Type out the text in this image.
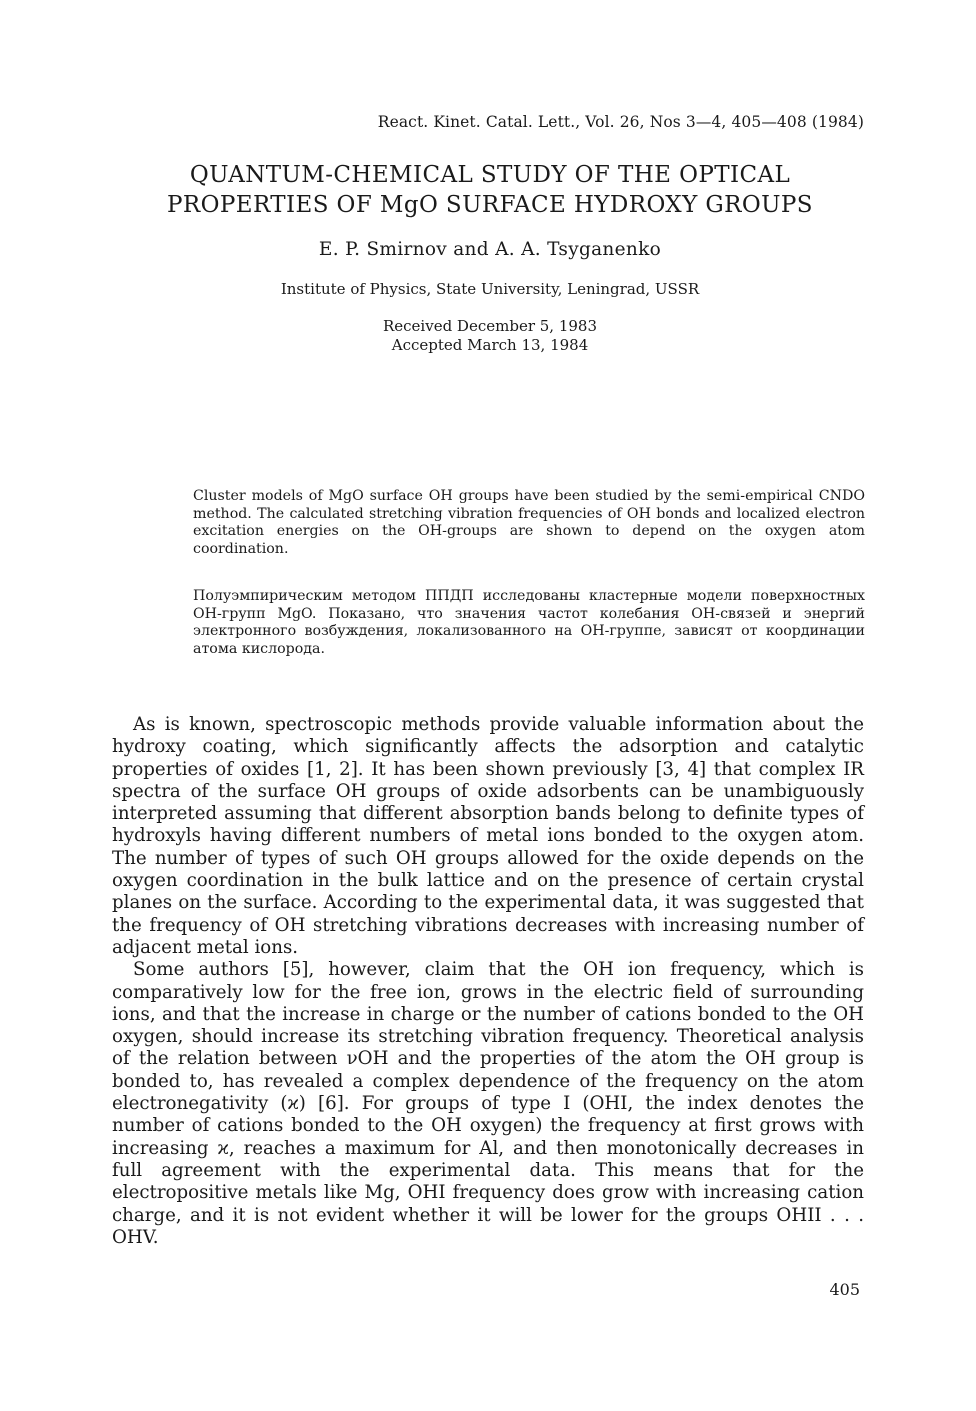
React. Kinet. Catal. Lett., Vol. 26, Nos 3—4, 405—408 (1984)
QUANTUM-CHEMICAL STUDY OF THE OPTICAL
PROPERTIES OF MgO SURFACE HYDROXY GROUPS
E. P. Smirnov and A. A. Tsyganenko
Institute of Physics, State University, Leningrad, USSR
Received December 5, 1983
Accepted March 13, 1984
Cluster models of MgO surface OH groups have been studied by the semi-empirical CNDO method. The calculated stretching vibration frequencies of OH bonds and localized electron excitation energies on the OH-groups are shown to depend on the oxygen atom coordination.
Полуэмпирическим методом ППДП исследованы кластерные модели поверхностных ОН-групп MgO. Показано, что значения частот колебания ОН-связей и энергий электронного возбуждения, локализованного на ОН-группе, зависят от координации атома кислорода.

As is known, spectroscopic methods provide valuable information about the hydroxy coating, which significantly affects the adsorption and catalytic properties of oxides [1, 2]. It has been shown previously [3, 4] that complex IR spectra of the surface OH groups of oxide adsorbents can be unambiguously interpreted assuming that different absorption bands belong to definite types of hydroxyls having different numbers of metal ions bonded to the oxygen atom. The number of types of such OH groups allowed for the oxide depends on the oxygen coordination in the bulk lattice and on the presence of certain crystal planes on the surface. According to the experimental data, it was suggested that the frequency of OH stretching vibrations decreases with increasing number of adjacent metal ions.

Some authors [5], however, claim that the OH ion frequency, which is comparatively low for the free ion, grows in the electric field of surrounding ions, and that the increase in charge or the number of cations bonded to the OH oxygen, should increase its stretching vibration frequency. Theoretical analysis of the relation between νOH and the properties of the atom the OH group is bonded to, has revealed a complex dependence of the frequency on the atom electronegativity (ϰ) [6]. For groups of type I (OHI, the index denotes the number of cations bonded to the OH oxygen) the frequency at first grows with increasing ϰ, reaches a maximum for Al, and then monotonically decreases in full agreement with the experimental data. This means that for the electropositive metals like Mg, OHI frequency does grow with increasing cation charge, and it is not evident whether it will be lower for the groups OHII . . . OHV.

405
